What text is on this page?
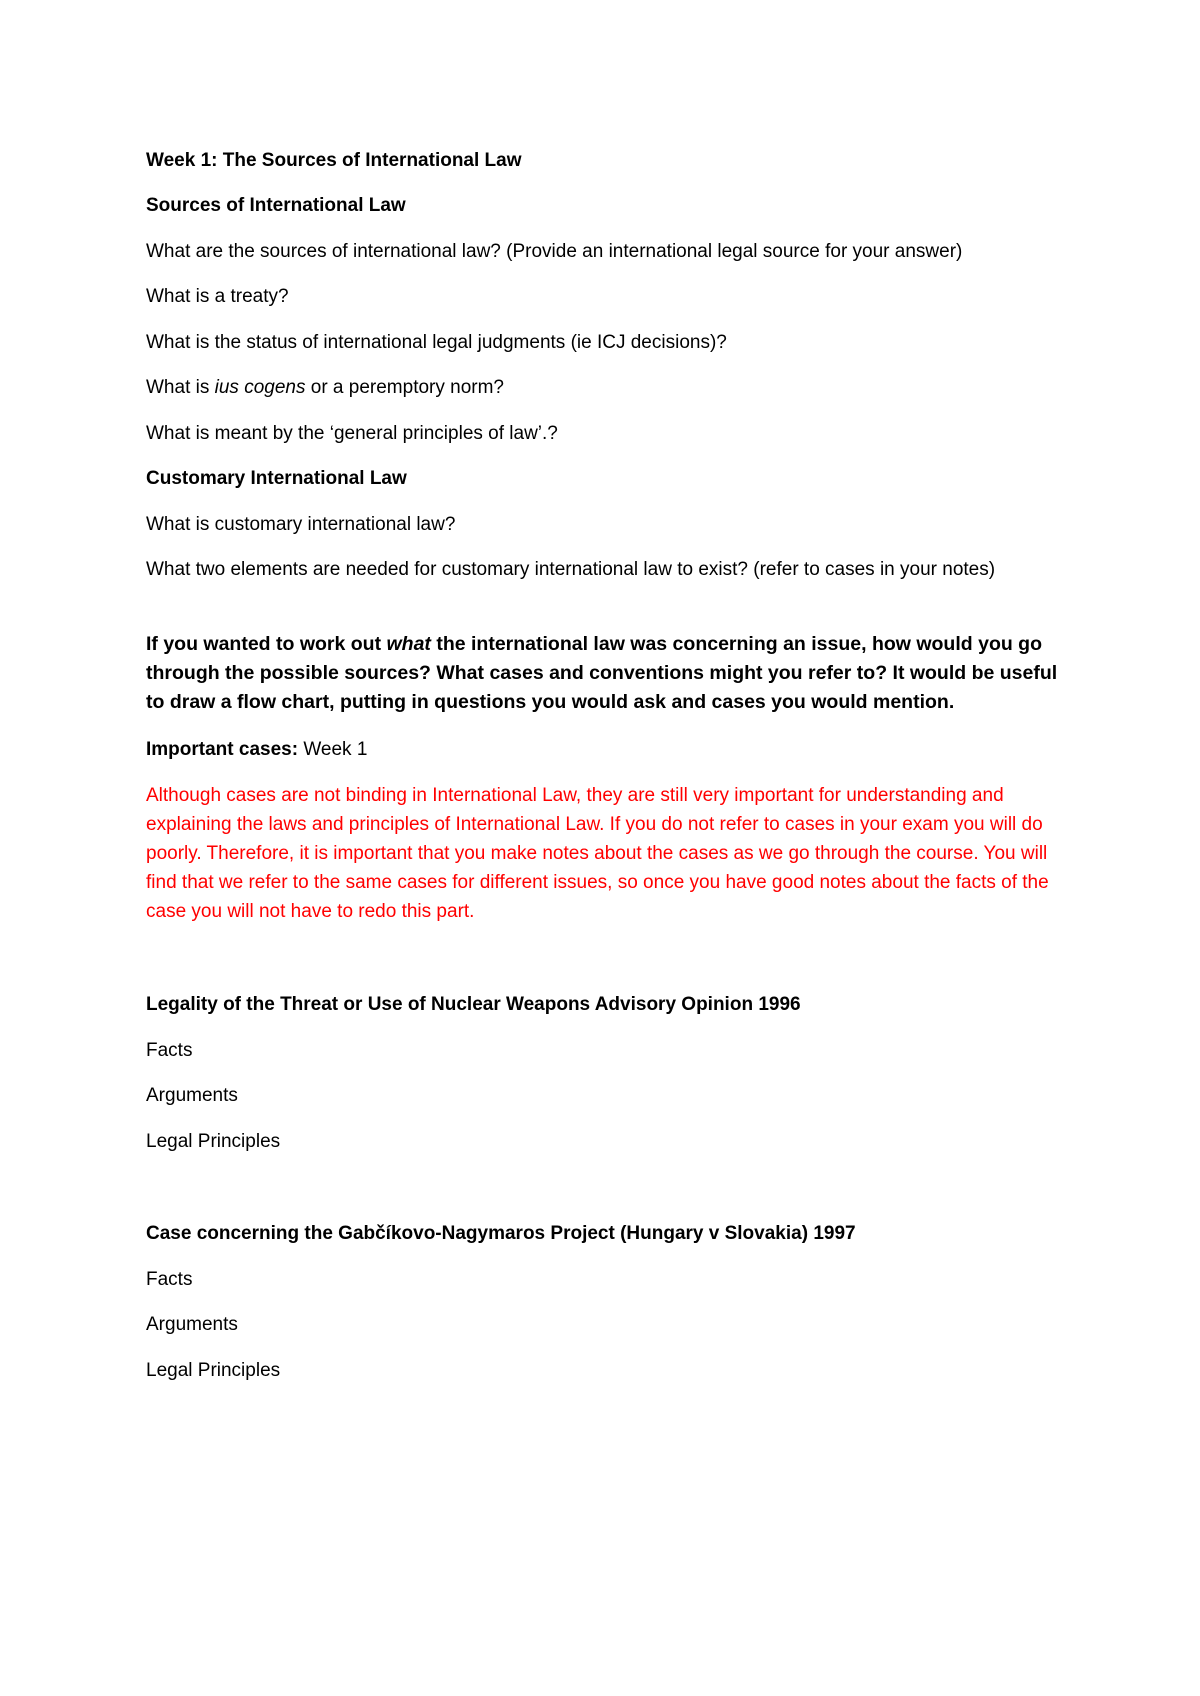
Week 1: The Sources of International Law

Sources of International Law

What are the sources of international law? (Provide an international legal source for your answer)

What is a treaty?

What is the status of international legal judgments (ie ICJ decisions)?

What is ius cogens or a peremptory norm?

What is meant by the ‘general principles of law’.?

Customary International Law

What is customary international law?

What two elements are needed for customary international law to exist? (refer to cases in your notes)

If you wanted to work out what the international law was concerning an issue, how would you go through the possible sources? What cases and conventions might you refer to? It would be useful to draw a flow chart, putting in questions you would ask and cases you would mention.

Important cases: Week 1

Although cases are not binding in International Law, they are still very important for understanding and explaining the laws and principles of International Law. If you do not refer to cases in your exam you will do poorly. Therefore, it is important that you make notes about the cases as we go through the course. You will find that we refer to the same cases for different issues, so once you have good notes about the facts of the case you will not have to redo this part.

Legality of the Threat or Use of Nuclear Weapons Advisory Opinion 1996

Facts

Arguments

Legal Principles

Case concerning the Gabčíkovo-Nagymaros Project (Hungary v Slovakia) 1997

Facts

Arguments

Legal Principles
